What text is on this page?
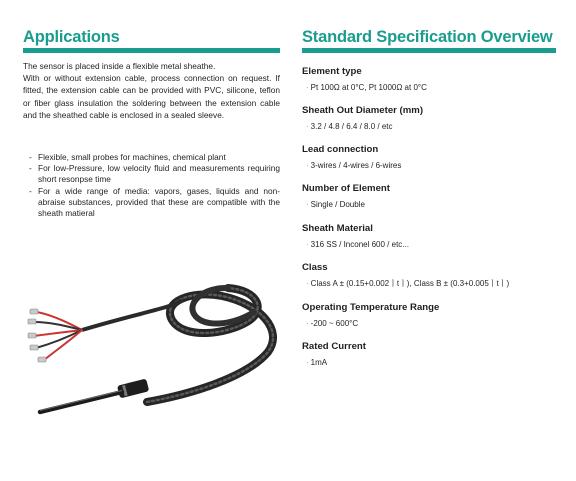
Applications

The sensor is placed inside a flexible metal sheathe.

With or without extension cable, process connection on request. If fitted, the extension cable can be provided with PVC, silicone, teflon or fiber glass insulation the soldering between the extension cable and the sheathed cable is enclosed in a sealed sleeve.

- Flexible, small probes for machines, chemical plant
- For low-Pressure, low velocity fluid and measurements requiring short resonpse time
- For a wide range of media: vapors, gases, liquids and non-abraise substances, provided that these are compatible with the sheath matieral
Standard Specification Overview
Element type
· Pt 100Ω at 0°C, Pt 1000Ω at 0°C
Sheath Out Diameter (mm)
· 3.2 / 4.8 / 6.4 / 8.0 / etc
Lead connection
· 3-wires / 4-wires / 6-wires
Number of Element
· Single / Double
Sheath Material
· 316 SS / Inconel 600 / etc...
Class
· Class A ± (0.15+0.002ㅣtㅣ), Class B ± (0.3+0.005ㅣtㅣ)
Operating Temperature Range
· -200 ~ 600°C
Rated Current
· 1mA
